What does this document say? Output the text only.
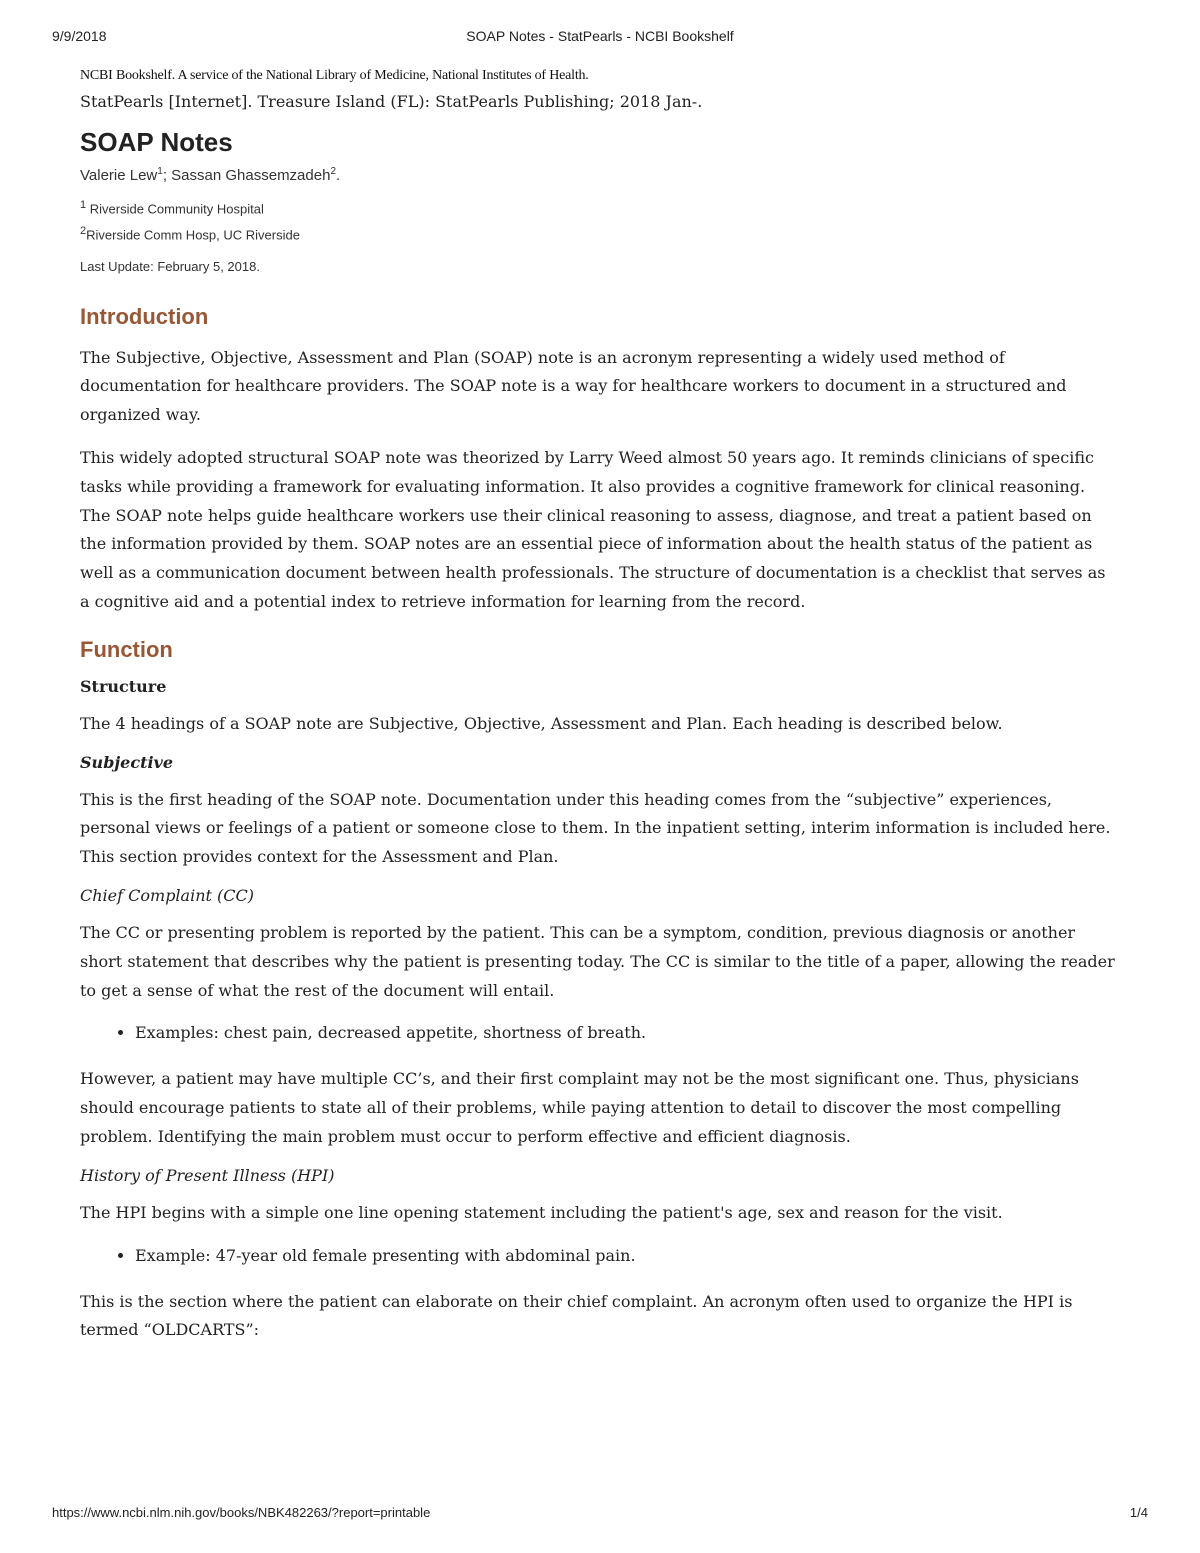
9/9/2018	SOAP Notes - StatPearls - NCBI Bookshelf

NCBI Bookshelf. A service of the National Library of Medicine, National Institutes of Health.

StatPearls [Internet]. Treasure Island (FL): StatPearls Publishing; 2018 Jan-.

SOAP Notes
Valerie Lew$^1$; Sassan Ghassemzadeh$^2$.
$^1$ Riverside Community Hospital
$^2$Riverside Comm Hosp, UC Riverside
Last Update: February 5, 2018.
Introduction

The Subjective, Objective, Assessment and Plan (SOAP) note is an acronym representing a widely used method of documentation for healthcare providers. The SOAP note is a way for healthcare workers to document in a structured and organized way.

This widely adopted structural SOAP note was theorized by Larry Weed almost 50 years ago. It reminds clinicians of specific tasks while providing a framework for evaluating information. It also provides a cognitive framework for clinical reasoning. The SOAP note helps guide healthcare workers use their clinical reasoning to assess, diagnose, and treat a patient based on the information provided by them. SOAP notes are an essential piece of information about the health status of the patient as well as a communication document between health professionals. The structure of documentation is a checklist that serves as a cognitive aid and a potential index to retrieve information for learning from the record.

Function
Structure

The 4 headings of a SOAP note are Subjective, Objective, Assessment and Plan. Each heading is described below.

Subjective

This is the first heading of the SOAP note. Documentation under this heading comes from the “subjective” experiences, personal views or feelings of a patient or someone close to them. In the inpatient setting, interim information is included here. This section provides context for the Assessment and Plan.

Chief Complaint (CC)

The CC or presenting problem is reported by the patient. This can be a symptom, condition, previous diagnosis or another short statement that describes why the patient is presenting today. The CC is similar to the title of a paper, allowing the reader to get a sense of what the rest of the document will entail.

• Examples: chest pain, decreased appetite, shortness of breath.

However, a patient may have multiple CC’s, and their first complaint may not be the most significant one. Thus, physicians should encourage patients to state all of their problems, while paying attention to detail to discover the most compelling problem. Identifying the main problem must occur to perform effective and efficient diagnosis.

History of Present Illness (HPI)

The HPI begins with a simple one line opening statement including the patient's age, sex and reason for the visit.

• Example: 47-year old female presenting with abdominal pain.

This is the section where the patient can elaborate on their chief complaint. An acronym often used to organize the HPI is termed “OLDCARTS”:

https://www.ncbi.nlm.nih.gov/books/NBK482263/?report=printable	1/4
